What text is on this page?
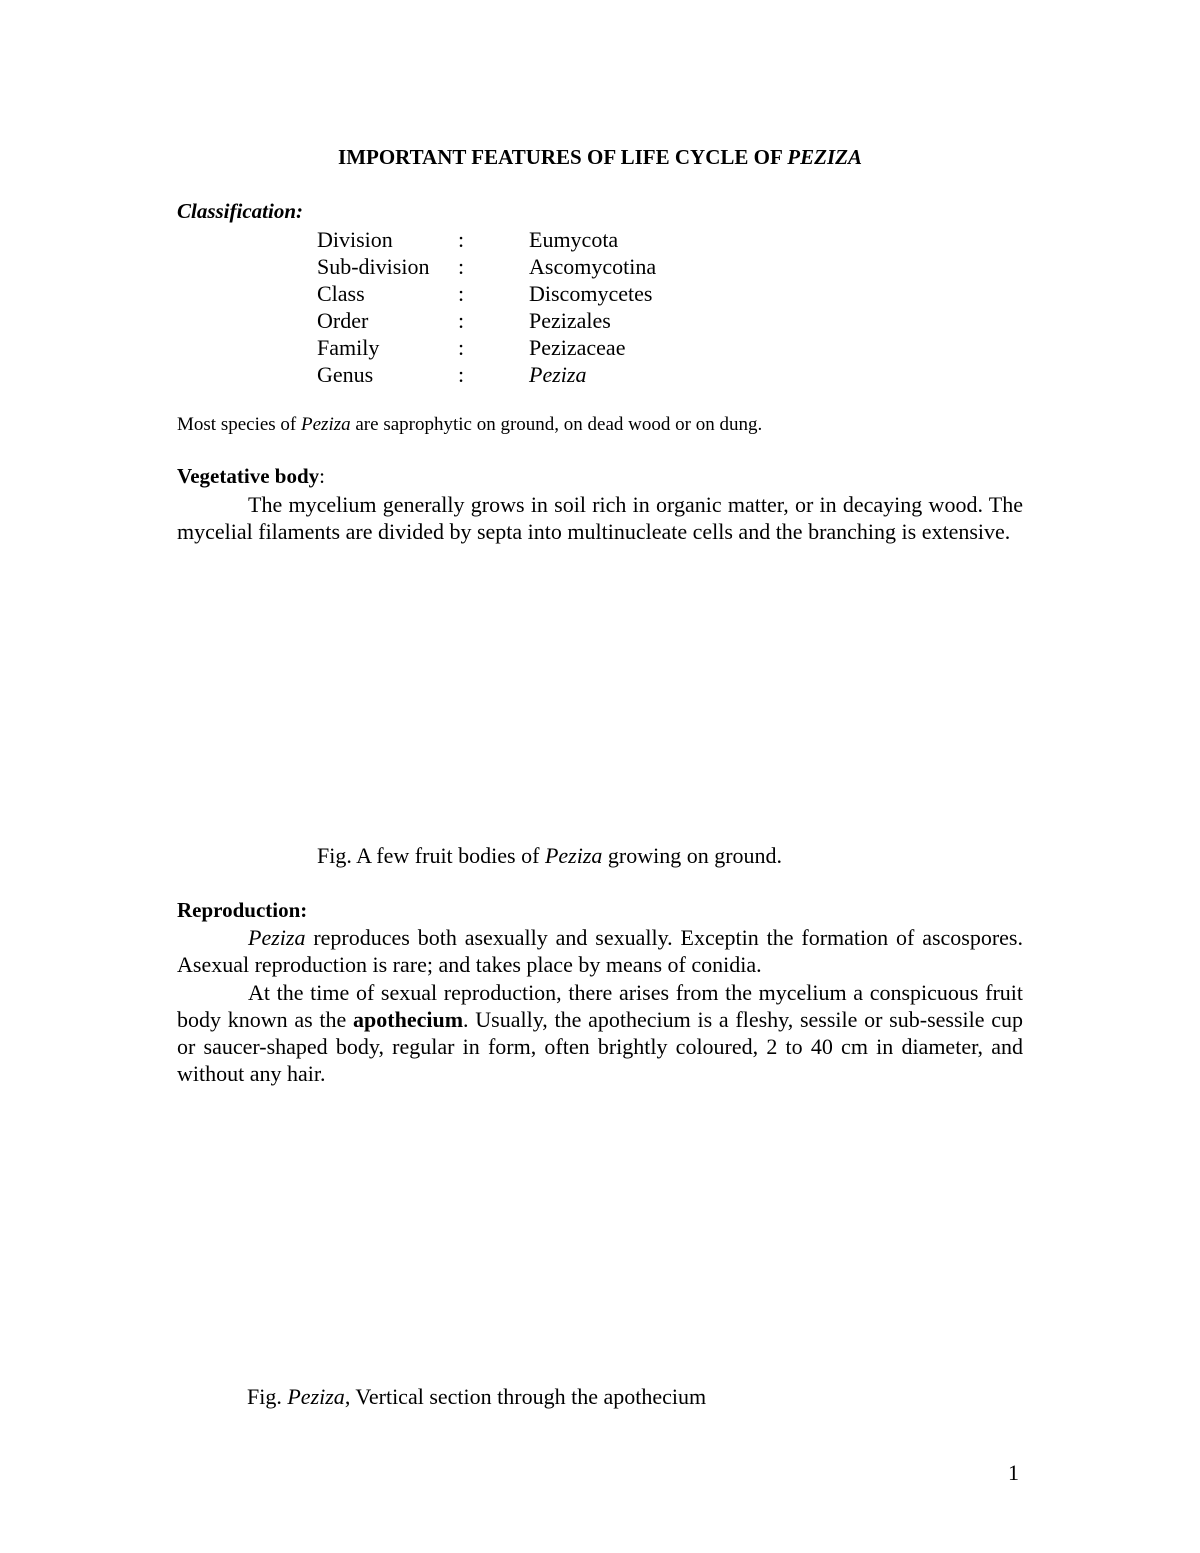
IMPORTANT FEATURES OF LIFE CYCLE OF PEZIZA
Classification:
Division	:	Eumycota
Sub-division	:	Ascomycotina
Class	:	Discomycetes
Order	:	Pezizales
Family	:	Pezizaceae
Genus	:	Peziza
Most species of Peziza are saprophytic on ground, on dead wood or on dung.
Vegetative body:
The mycelium generally grows in soil rich in organic matter, or in decaying wood. The mycelial filaments are divided by septa into multinucleate cells and the branching is extensive.
Fig. A few fruit bodies of Peziza growing on ground.
Reproduction:
Peziza reproduces both asexually and sexually. Exceptin the formation of ascospores. Asexual reproduction is rare; and takes place by means of conidia.
At the time of sexual reproduction, there arises from the mycelium a conspicuous fruit body known as the apothecium. Usually, the apothecium is a fleshy, sessile or sub-sessile cup or saucer-shaped body, regular in form, often brightly coloured, 2 to 40 cm in diameter, and without any hair.
Fig. Peziza, Vertical section through the apothecium
1
